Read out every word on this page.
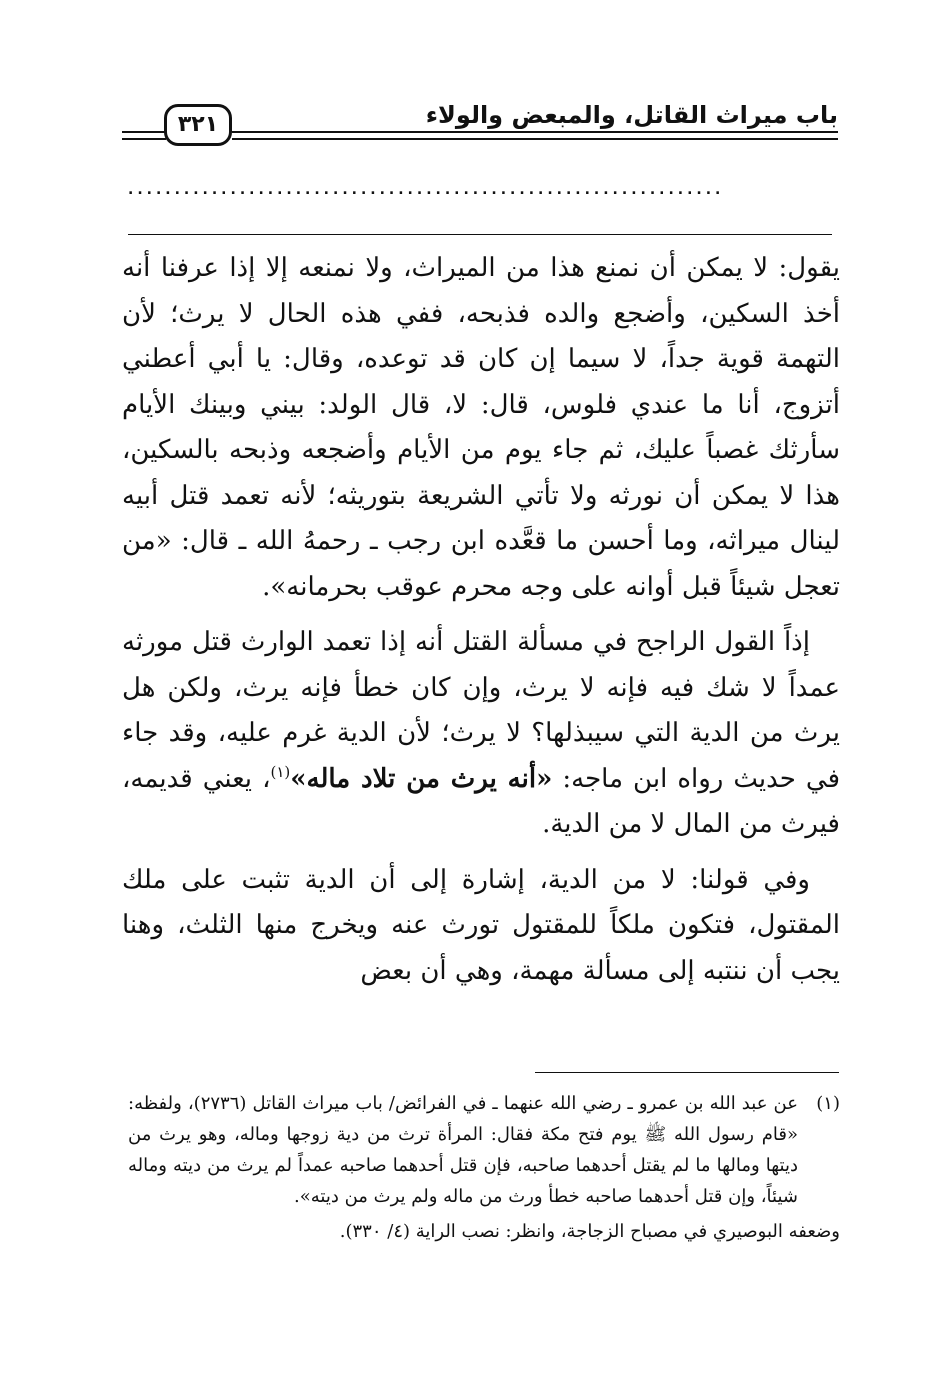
٣٢١	باب ميراث القاتل، والمبعض والولاء
................................................................

يقول: لا يمكن أن نمنع هذا من الميراث، ولا نمنعه إلا إذا عرفنا أنه أخذ السكين، وأضجع والده فذبحه، ففي هذه الحال لا يرث؛ لأن التهمة قوية جداً، لا سيما إن كان قد توعده، وقال: يا أبي أعطني أتزوج، أنا ما عندي فلوس، قال: لا، قال الولد: بيني وبينك الأيام سأرثك غصباً عليك، ثم جاء يوم من الأيام وأضجعه وذبحه بالسكين، هذا لا يمكن أن نورثه ولا تأتي الشريعة بتوريثه؛ لأنه تعمد قتل أبيه لينال ميراثه، وما أحسن ما قعَّده ابن رجب ـ رحمهُ الله ـ قال: «من تعجل شيئاً قبل أوانه على وجه محرم عوقب بحرمانه».

إذاً القول الراجح في مسألة القتل أنه إذا تعمد الوارث قتل مورثه عمداً لا شك فيه فإنه لا يرث، وإن كان خطأ فإنه يرث، ولكن هل يرث من الدية التي سيبذلها؟ لا يرث؛ لأن الدية غرم عليه، وقد جاء في حديث رواه ابن ماجه: «أنه يرث من تلاد ماله»$^{(١)}$، يعني قديمه، فيرث من المال لا من الدية.

وفي قولنا: لا من الدية، إشارة إلى أن الدية تثبت على ملك المقتول، فتكون ملكاً للمقتول تورث عنه ويخرج منها الثلث، وهنا يجب أن ننتبه إلى مسألة مهمة، وهي أن بعض

(١)
عن عبد الله بن عمرو ـ رضي الله عنهما ـ في الفرائض/ باب ميراث القاتل (٢٧٣٦)، ولفظه: «قام رسول الله ﷺ يوم فتح مكة فقال: المرأة ترث من دية زوجها وماله، وهو يرث من ديتها ومالها ما لم يقتل أحدهما صاحبه، فإن قتل أحدهما صاحبه عمداً لم يرث من ديته وماله شيئاً، وإن قتل أحدهما صاحبه خطأ ورث من ماله ولم يرث من ديته».
وضعفه البوصيري في مصباح الزجاجة، وانظر: نصب الراية (٤/ ٣٣٠).
